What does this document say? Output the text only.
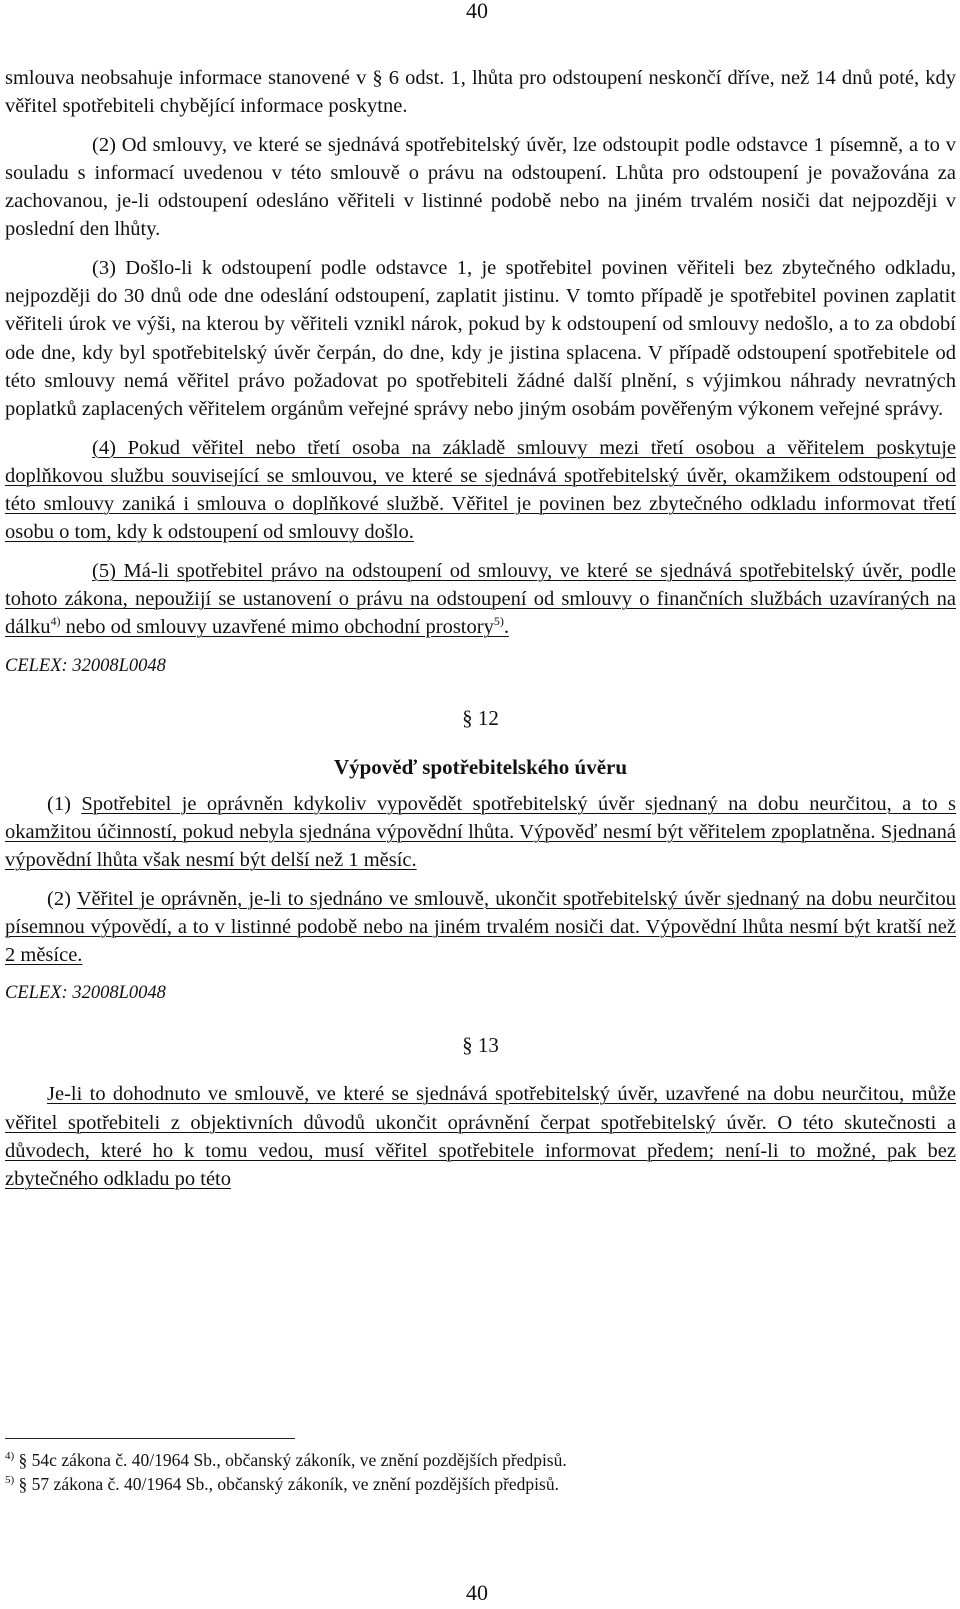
40

smlouva neobsahuje informace stanovené v § 6 odst. 1, lhůta pro odstoupení neskončí dříve, než 14 dnů poté, kdy věřitel spotřebiteli chybějící informace poskytne.

(2) Od smlouvy, ve které se sjednává spotřebitelský úvěr, lze odstoupit podle odstavce 1 písemně, a to v souladu s informací uvedenou v této smlouvě o právu na odstoupení. Lhůta pro odstoupení je považována za zachovanou, je-li odstoupení odesláno věřiteli v listinné podobě nebo na jiném trvalém nosiči dat nejpozději v poslední den lhůty.

(3) Došlo-li k odstoupení podle odstavce 1, je spotřebitel povinen věřiteli bez zbytečného odkladu, nejpozději do 30 dnů ode dne odeslání odstoupení, zaplatit jistinu. V tomto případě je spotřebitel povinen zaplatit věřiteli úrok ve výši, na kterou by věřiteli vznikl nárok, pokud by k odstoupení od smlouvy nedošlo, a to za období ode dne, kdy byl spotřebitelský úvěr čerpán, do dne, kdy je jistina splacena. V případě odstoupení spotřebitele od této smlouvy nemá věřitel právo požadovat po spotřebiteli žádné další plnění, s výjimkou náhrady nevratných poplatků zaplacených věřitelem orgánům veřejné správy nebo jiným osobám pověřeným výkonem veřejné správy.

(4) Pokud věřitel nebo třetí osoba na základě smlouvy mezi třetí osobou a věřitelem poskytuje doplňkovou službu související se smlouvou, ve které se sjednává spotřebitelský úvěr, okamžikem odstoupení od této smlouvy zaniká i smlouva o doplňkové službě. Věřitel je povinen bez zbytečného odkladu informovat třetí osobu o tom, kdy k odstoupení od smlouvy došlo.

(5) Má-li spotřebitel právo na odstoupení od smlouvy, ve které se sjednává spotřebitelský úvěr, podle tohoto zákona, nepoužijí se ustanovení o právu na odstoupení od smlouvy o finančních službách uzavíraných na dálku$^{4)}$ nebo od smlouvy uzavřené mimo obchodní prostory$^{5)}$.

CELEX: 32008L0048

§ 12

Výpověď spotřebitelského úvěru

(1) Spotřebitel je oprávněn kdykoliv vypovědět spotřebitelský úvěr sjednaný na dobu neurčitou, a to s okamžitou účinností, pokud nebyla sjednána výpovědní lhůta. Výpověď nesmí být věřitelem zpoplatněna. Sjednaná výpovědní lhůta však nesmí být delší než 1 měsíc.

(2) Věřitel je oprávněn, je-li to sjednáno ve smlouvě, ukončit spotřebitelský úvěr sjednaný na dobu neurčitou písemnou výpovědí, a to v listinné podobě nebo na jiném trvalém nosiči dat. Výpovědní lhůta nesmí být kratší než 2 měsíce.

CELEX: 32008L0048

§ 13

Je-li to dohodnuto ve smlouvě, ve které se sjednává spotřebitelský úvěr, uzavřené na dobu neurčitou, může věřitel spotřebiteli z objektivních důvodů ukončit oprávnění čerpat spotřebitelský úvěr. O této skutečnosti a důvodech, které ho k tomu vedou, musí věřitel spotřebitele informovat předem; není-li to možné, pak bez zbytečného odkladu po této

$^{4)}$ § 54c zákona č. 40/1964 Sb., občanský zákoník, ve znění pozdějších předpisů.
$^{5)}$ § 57 zákona č. 40/1964 Sb., občanský zákoník, ve znění pozdějších předpisů.
40
